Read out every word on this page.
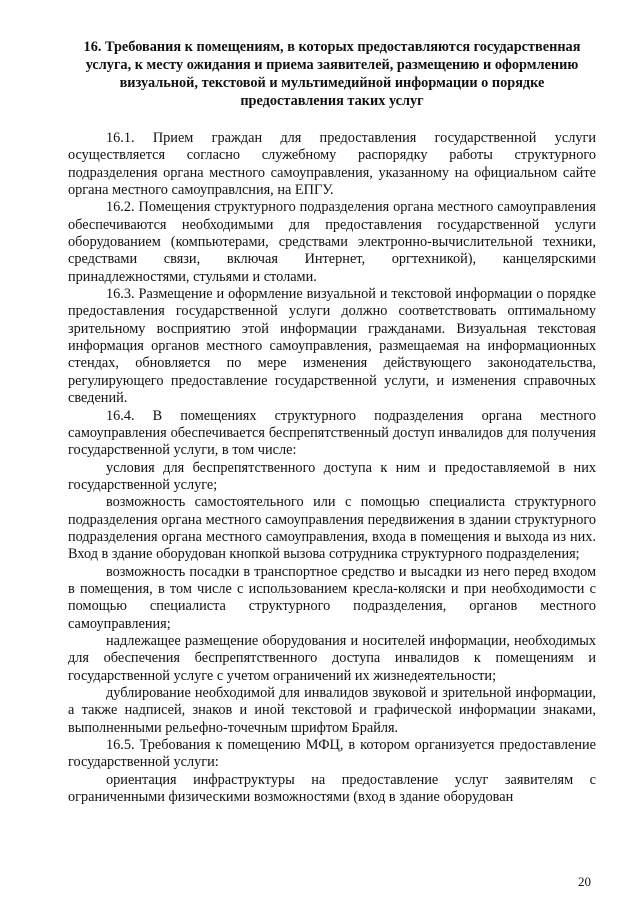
16. Требования к помещениям, в которых предоставляются государственная услуга, к месту ожидания и приема заявителей, размещению и оформлению визуальной, текстовой и мультимедийной информации о порядке предоставления таких услуг

16.1. Прием граждан для предоставления государственной услуги осуществляется согласно служебному распорядку работы структурного подразделения органа местного самоуправления, указанному на официальном сайте органа местного самоуправлсния, на ЕПГУ.

16.2. Помещения структурного подразделения органа местного самоуправления обеспечиваются необходимыми для предоставления государственной услуги оборудованием (компьютерами, средствами электронно-вычислительной техники, средствами связи, включая Интернет, оргтехникой), канцелярскими принадлежностями, стульями и столами.

16.3. Размещение и оформление визуальной и текстовой информации о порядке предоставления государственной услуги должно соответствовать оптимальному зрительному восприятию этой информации гражданами. Визуальная текстовая информация органов местного самоуправления, размещаемая на информационных стендах, обновляется по мере изменения действующего законодательства, регулирующего предоставление государственной услуги, и изменения справочных сведений.

16.4. В помещениях структурного подразделения органа местного самоуправления обеспечивается беспрепятственный доступ инвалидов для получения государственной услуги, в том числе:

условия для беспрепятственного доступа к ним и предоставляемой в них государственной услуге;

возможность самостоятельного или с помощью специалиста структурного подразделения органа местного самоуправления передвижения в здании структурного подразделения органа местного самоуправления, входа в помещения и выхода из них. Вход в здание оборудован кнопкой вызова сотрудника структурного подразделения;

возможность посадки в транспортное средство и высадки из него перед входом в помещения, в том числе с использованием кресла-коляски и при необходимости с помощью специалиста структурного подразделения, органов местного самоуправления;

надлежащее размещение оборудования и носителей информации, необходимых для обеспечения беспрепятственного доступа инвалидов к помещениям и государственной услуге с учетом ограничений их жизнедеятельности;

дублирование необходимой для инвалидов звуковой и зрительной информации, а также надписей, знаков и иной текстовой и графической информации знаками, выполненными рельефно-точечным шрифтом Брайля.

16.5. Требования к помещению МФЦ, в котором организуется предоставление государственной услуги:

ориентация инфраструктуры на предоставление услуг заявителям с ограниченными физическими возможностями (вход в здание оборудован

20
